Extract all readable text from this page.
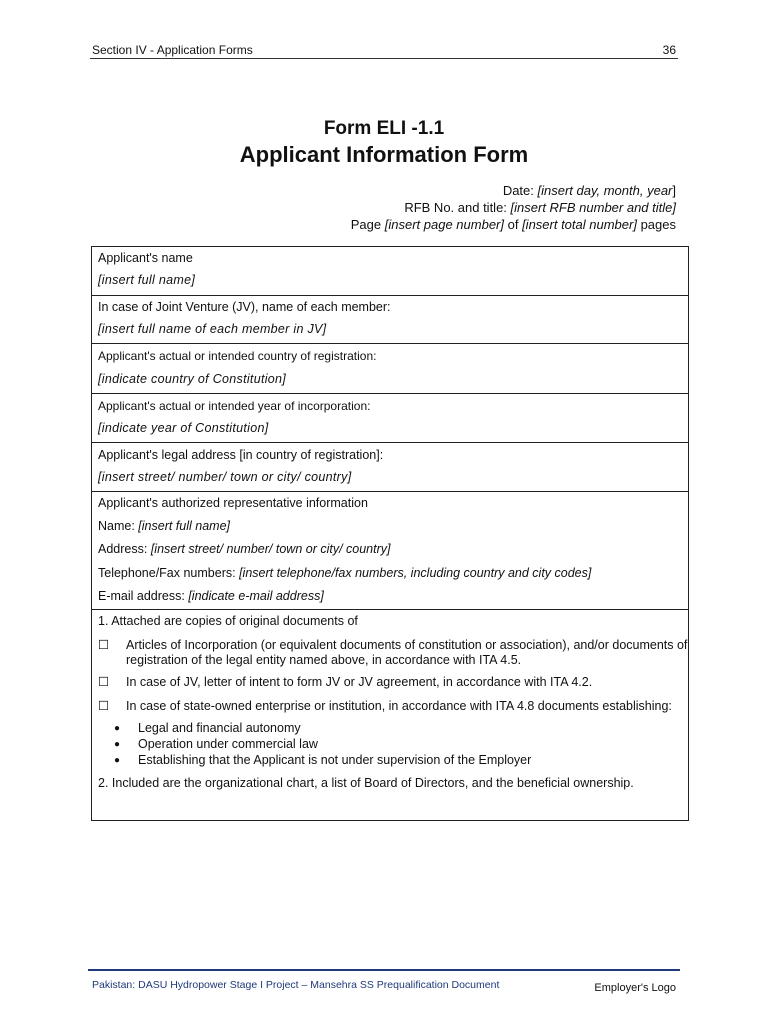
Section IV - Application Forms	36
Form ELI -1.1
Applicant Information Form
Date: [insert day, month, year]
RFB No. and title: [insert RFB number and title]
Page [insert page number] of [insert total number] pages
Applicant's name
[insert full name]
In case of Joint Venture (JV), name of each member:
[insert full name of each member in JV]
Applicant's actual or intended country of registration:
[indicate country of Constitution]
Applicant's actual or intended year of incorporation:
[indicate year of Constitution]
Applicant's legal address [in country of registration]:
[insert street/ number/ town or city/ country]
Applicant's authorized representative information
Name: [insert full name]
Address: [insert street/ number/ town or city/ country]
Telephone/Fax numbers: [insert telephone/fax numbers, including country and city codes]
E-mail address: [indicate e-mail address]
1. Attached are copies of original documents of
☐ Articles of Incorporation (or equivalent documents of constitution or association), and/or documents of registration of the legal entity named above, in accordance with ITA 4.5.
☐ In case of JV, letter of intent to form JV or JV agreement, in accordance with ITA 4.2.
☐ In case of state-owned enterprise or institution, in accordance with ITA 4.8 documents establishing:
● Legal and financial autonomy
● Operation under commercial law
● Establishing that the Applicant is not under supervision of the Employer
2. Included are the organizational chart, a list of Board of Directors, and the beneficial ownership.
Pakistan: DASU Hydropower Stage I Project – Mansehra SS Prequalification Document	Employer's Logo
